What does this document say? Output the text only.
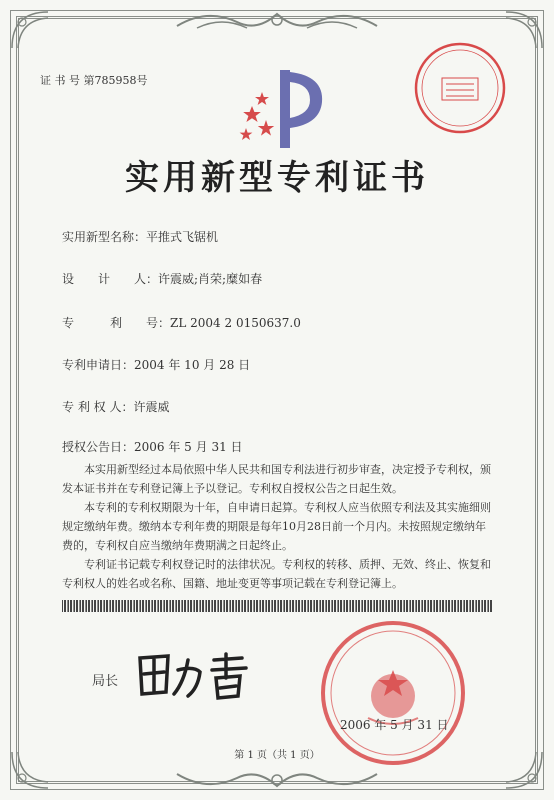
证 书 号 第785958号
实用新型专利证书
实用新型名称：平推式飞锯机
设　　计　　人：许震威;肖荣;糜如春
专　　　利　　号：ZL 2004 2 0150637.0
专利申请日：2004 年 10 月 28 日
专 利 权 人：许震威
授权公告日：2006 年 5 月 31 日

本实用新型经过本局依照中华人民共和国专利法进行初步审查，决定授予专利权，颁发本证书并在专利登记簿上予以登记。专利权自授权公告之日起生效。

本专利的专利权期限为十年，自申请日起算。专利权人应当依照专利法及其实施细则规定缴纳年费。缴纳本专利年费的期限是每年10月28日前一个月内。未按照规定缴纳年费的，专利权自应当缴纳年费期满之日起终止。

专利证书记载专利权登记时的法律状况。专利权的转移、质押、无效、终止、恢复和专利权人的姓名或名称、国籍、地址变更等事项记载在专利登记簿上。

局长
2006 年 5 月 31 日
第 1 页（共 1 页）
